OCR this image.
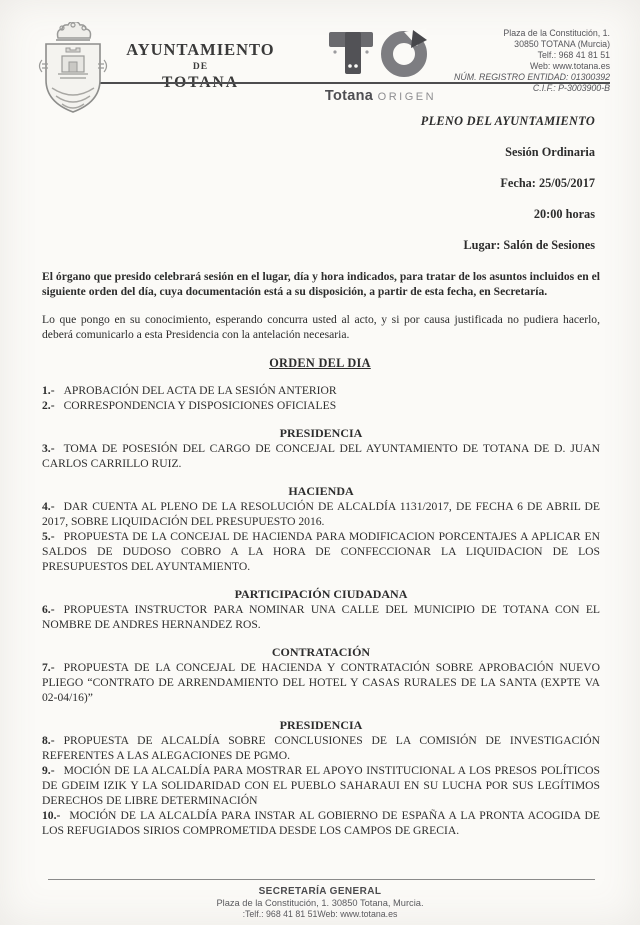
AYUNTAMIENTO
DE
TOTANA
Totana ORIGEN
Plaza de la Constitución, 1.
30850 TOTANA (Murcia)
Telf.: 968 41 81 51
Web: www.totana.es
NÚM. REGISTRO ENTIDAD: 01300392
C.I.F.: P-3003900-B
PLENO DEL AYUNTAMIENTO
Sesión Ordinaria
Fecha: 25/05/2017
20:00 horas
Lugar: Salón de Sesiones

El órgano que presido celebrará sesión en el lugar, día y hora indicados, para tratar de los asuntos incluidos en el siguiente orden del día, cuya documentación está a su disposición, a partir de esta fecha, en Secretaría.

Lo que pongo en su conocimiento, esperando concurra usted al acto, y si por causa justificada no pudiera hacerlo, deberá comunicarlo a esta Presidencia con la antelación necesaria.

ORDEN DEL DIA
1.- APROBACIÓN DEL ACTA DE LA SESIÓN ANTERIOR
2.- CORRESPONDENCIA Y DISPOSICIONES OFICIALES
PRESIDENCIA
3.- TOMA DE POSESIÓN DEL CARGO DE CONCEJAL DEL AYUNTAMIENTO DE TOTANA DE D. JUAN CARLOS CARRILLO RUIZ.
HACIENDA
4.- DAR CUENTA AL PLENO DE LA RESOLUCIÓN DE ALCALDÍA 1131/2017, DE FECHA 6 DE ABRIL DE 2017, SOBRE LIQUIDACIÓN DEL PRESUPUESTO 2016.
5.- PROPUESTA DE LA CONCEJAL DE HACIENDA PARA MODIFICACION PORCENTAJES A APLICAR EN SALDOS DE DUDOSO COBRO A LA HORA DE CONFECCIONAR LA LIQUIDACION DE LOS PRESUPUESTOS DEL AYUNTAMIENTO.
PARTICIPACIÓN CIUDADANA
6.- PROPUESTA INSTRUCTOR PARA NOMINAR UNA CALLE DEL MUNICIPIO DE TOTANA CON EL NOMBRE DE ANDRES HERNANDEZ ROS.
CONTRATACIÓN
7.- PROPUESTA DE LA CONCEJAL DE HACIENDA Y CONTRATACIÓN SOBRE APROBACIÓN NUEVO PLIEGO “CONTRATO DE ARRENDAMIENTO DEL HOTEL Y CASAS RURALES DE LA SANTA (EXPTE VA 02-04/16)”
PRESIDENCIA
8.- PROPUESTA DE ALCALDÍA SOBRE CONCLUSIONES DE LA COMISIÓN DE INVESTIGACIÓN REFERENTES A LAS ALEGACIONES DE PGMO.
9.- MOCIÓN DE LA ALCALDÍA PARA MOSTRAR EL APOYO INSTITUCIONAL A LOS PRESOS POLÍTICOS DE GDEIM IZIK Y LA SOLIDARIDAD CON EL PUEBLO SAHARAUI EN SU LUCHA POR SUS LEGÍTIMOS DERECHOS DE LIBRE DETERMINACIÓN
10.- MOCIÓN DE LA ALCALDÍA PARA INSTAR AL GOBIERNO DE ESPAÑA A LA PRONTA ACOGIDA DE LOS REFUGIADOS SIRIOS COMPROMETIDA DESDE LOS CAMPOS DE GRECIA.
SECRETARÍA GENERAL
Plaza de la Constitución, 1. 30850 Totana, Murcia.
:Telf.: 968 41 81 51Web: www.totana.es
